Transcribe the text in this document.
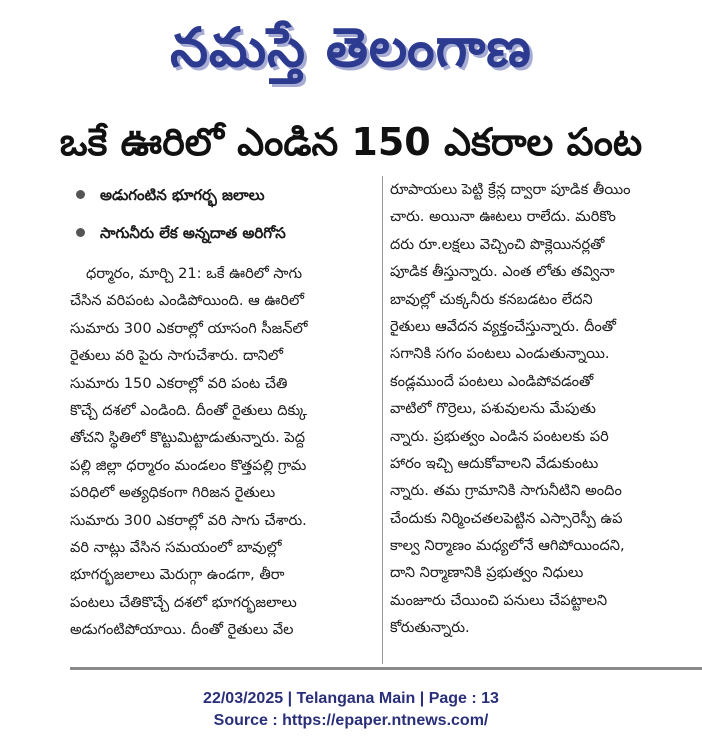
నమస్తే తెలంగాణ
ఒకే ఊరిలో ఎండిన 150 ఎకరాల పంట
అడుగంటిన భూగర్భ జలాలు
సాగునీరు లేక అన్నదాత అరిగోస

ధర్మారం, మార్చి 21: ఒకే ఊరిలో సాగు
చేసిన వరిపంట ఎండిపోయింది. ఆ ఊరిలో
సుమారు 300 ఎకరాల్లో యాసంగి సీజన్‌లో
రైతులు వరి పైరు సాగుచేశారు. దానిలో
సుమారు 150 ఎకరాల్లో వరి పంట చేతి
కొచ్చే దశలో ఎండింది. దీంతో రైతులు దిక్కు
తోచని స్థితిలో కొట్టుమిట్టాడుతున్నారు. పెద్ద
పల్లి జిల్లా ధర్మారం మండలం కొత్తపల్లి గ్రామ
పరిధిలో అత్యధికంగా గిరిజన రైతులు
సుమారు 300 ఎకరాల్లో వరి సాగు చేశారు.
వరి నాట్లు వేసిన సమయంలో బావుల్లో
భూగర్భజలాలు మెరుగ్గా ఉండగా, తీరా
పంటలు చేతికొచ్చే దశలో భూగర్భజలాలు
అడుగంటిపోయాయి. దీంతో రైతులు వేల

రూపాయలు పెట్టి క్రేన్ల ద్వారా పూడిక తీయిం
చారు. అయినా ఊటలు రాలేదు. మరికొం
దరు రూ.లక్షలు వెచ్చించి పొక్లెయినర్లతో
పూడిక తీస్తున్నారు. ఎంత లోతు తవ్వినా
బావుల్లో చుక్కనీరు కనబడటం లేదని
రైతులు ఆవేదన వ్యక్తంచేస్తున్నారు. దీంతో
సగానికి సగం పంటలు ఎండుతున్నాయి.
కండ్లముందే పంటలు ఎండిపోవడంతో
వాటిలో గొర్రెలు, పశువులను మేపుతు
న్నారు. ప్రభుత్వం ఎండిన పంటలకు పరి
హారం ఇచ్చి ఆదుకోవాలని వేడుకుంటు
న్నారు. తమ గ్రామానికి సాగునీటిని అందిం
చేందుకు నిర్మించతలపెట్టిన ఎస్సారెస్పీ ఉప
కాల్వ నిర్మాణం మధ్యలోనే ఆగిపోయిందని,
దాని నిర్మాణానికి ప్రభుత్వం నిధులు
మంజూరు చేయించి పనులు చేపట్టాలని
కోరుతున్నారు.

22/03/2025 | Telangana Main | Page : 13
Source : https://epaper.ntnews.com/
